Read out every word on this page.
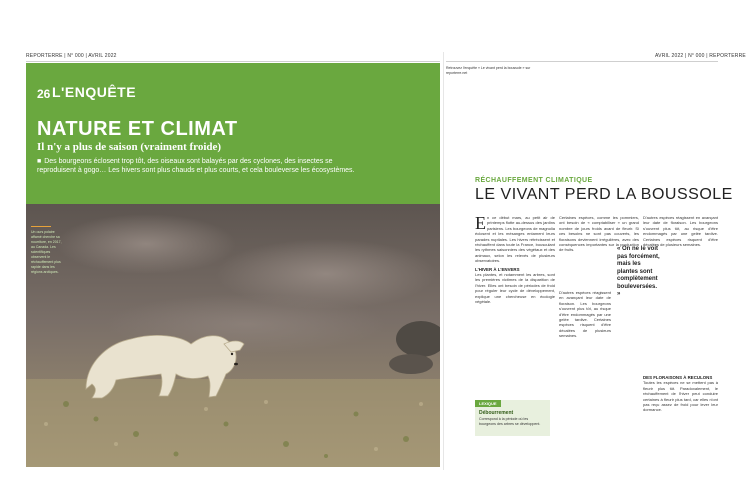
REPORTERRE | N° 000 | AVRIL 2022	AVRIL 2022 | N° 000 | REPORTERRE
26 L'ENQUÊTE
NATURE ET CLIMAT
Il n'y a plus de saison (vraiment froide)
■ Des bourgeons éclosent trop tôt, des oiseaux sont balayés par des cyclones, des insectes se reproduisent à gogo… Les hivers sont plus chauds et plus courts, et cela bouleverse les écosystèmes.
Un ours polaire affamé cherche sa nourriture, en 2017, au Canada. Les scientifiques observent le réchauffement plus rapide dans les régions arctiques.
Retrouvez l'enquête « Le vivant perd la boussole » sur reporterre.net
RÉCHAUFFEMENT CLIMATIQUE
LE VIVANT PERD LA BOUSSOLE

En ce début mars, au petit air de printemps flotte au-dessus des jardins parisiens. Les bourgeons de magnolia éclosent et les mésanges entament leurs parades nuptiales. Les hivers rétrécissent et réchauffent dans toute la France, bousculant les rythmes saisonniers des végétaux et des animaux, selon les relevés de plusieurs observatoires.

L'HIVER À L'ENVERS

Les plantes, et notamment les arbres, sont les premières victimes de la disparition de l'hiver. Elles ont besoin de périodes de froid pour réguler leur cycle de développement, explique une chercheuse en écologie végétale.

Certaines espèces, comme les pommiers, ont besoin de « comptabiliser » un grand nombre de jours froids avant de fleurir. Si ces besoins ne sont pas couverts, les floraisons deviennent irrégulières, avec des conséquences importantes sur la production de fruits.	« On ne le voit pas forcément, mais les plantes sont complètement bouleversées. »

D'autres espèces réagissent en avançant leur date de floraison. Les bourgeons s'ouvrent plus tôt, au risque d'être endommagés par une gelée tardive. Certaines espèces risquent d'être décalées de plusieurs semaines.

D'autres espèces réagissent en avançant leur date de floraison. Les bourgeons s'ouvrent plus tôt, au risque d'être endommagés par une gelée tardive. Certaines espèces risquent d'être décalées de plusieurs semaines.

DES FLORAISONS À RECULONS

Toutes les espèces ne se mettent pas à fleurir plus tôt. Paradoxalement, le réchauffement de l'hiver peut conduire certaines à fleurir plus tard, car elles n'ont pas reçu assez de froid pour lever leur dormance.

LEXIQUE
Débourrement
Correspond à la période où les bourgeons des arbres se développent.
